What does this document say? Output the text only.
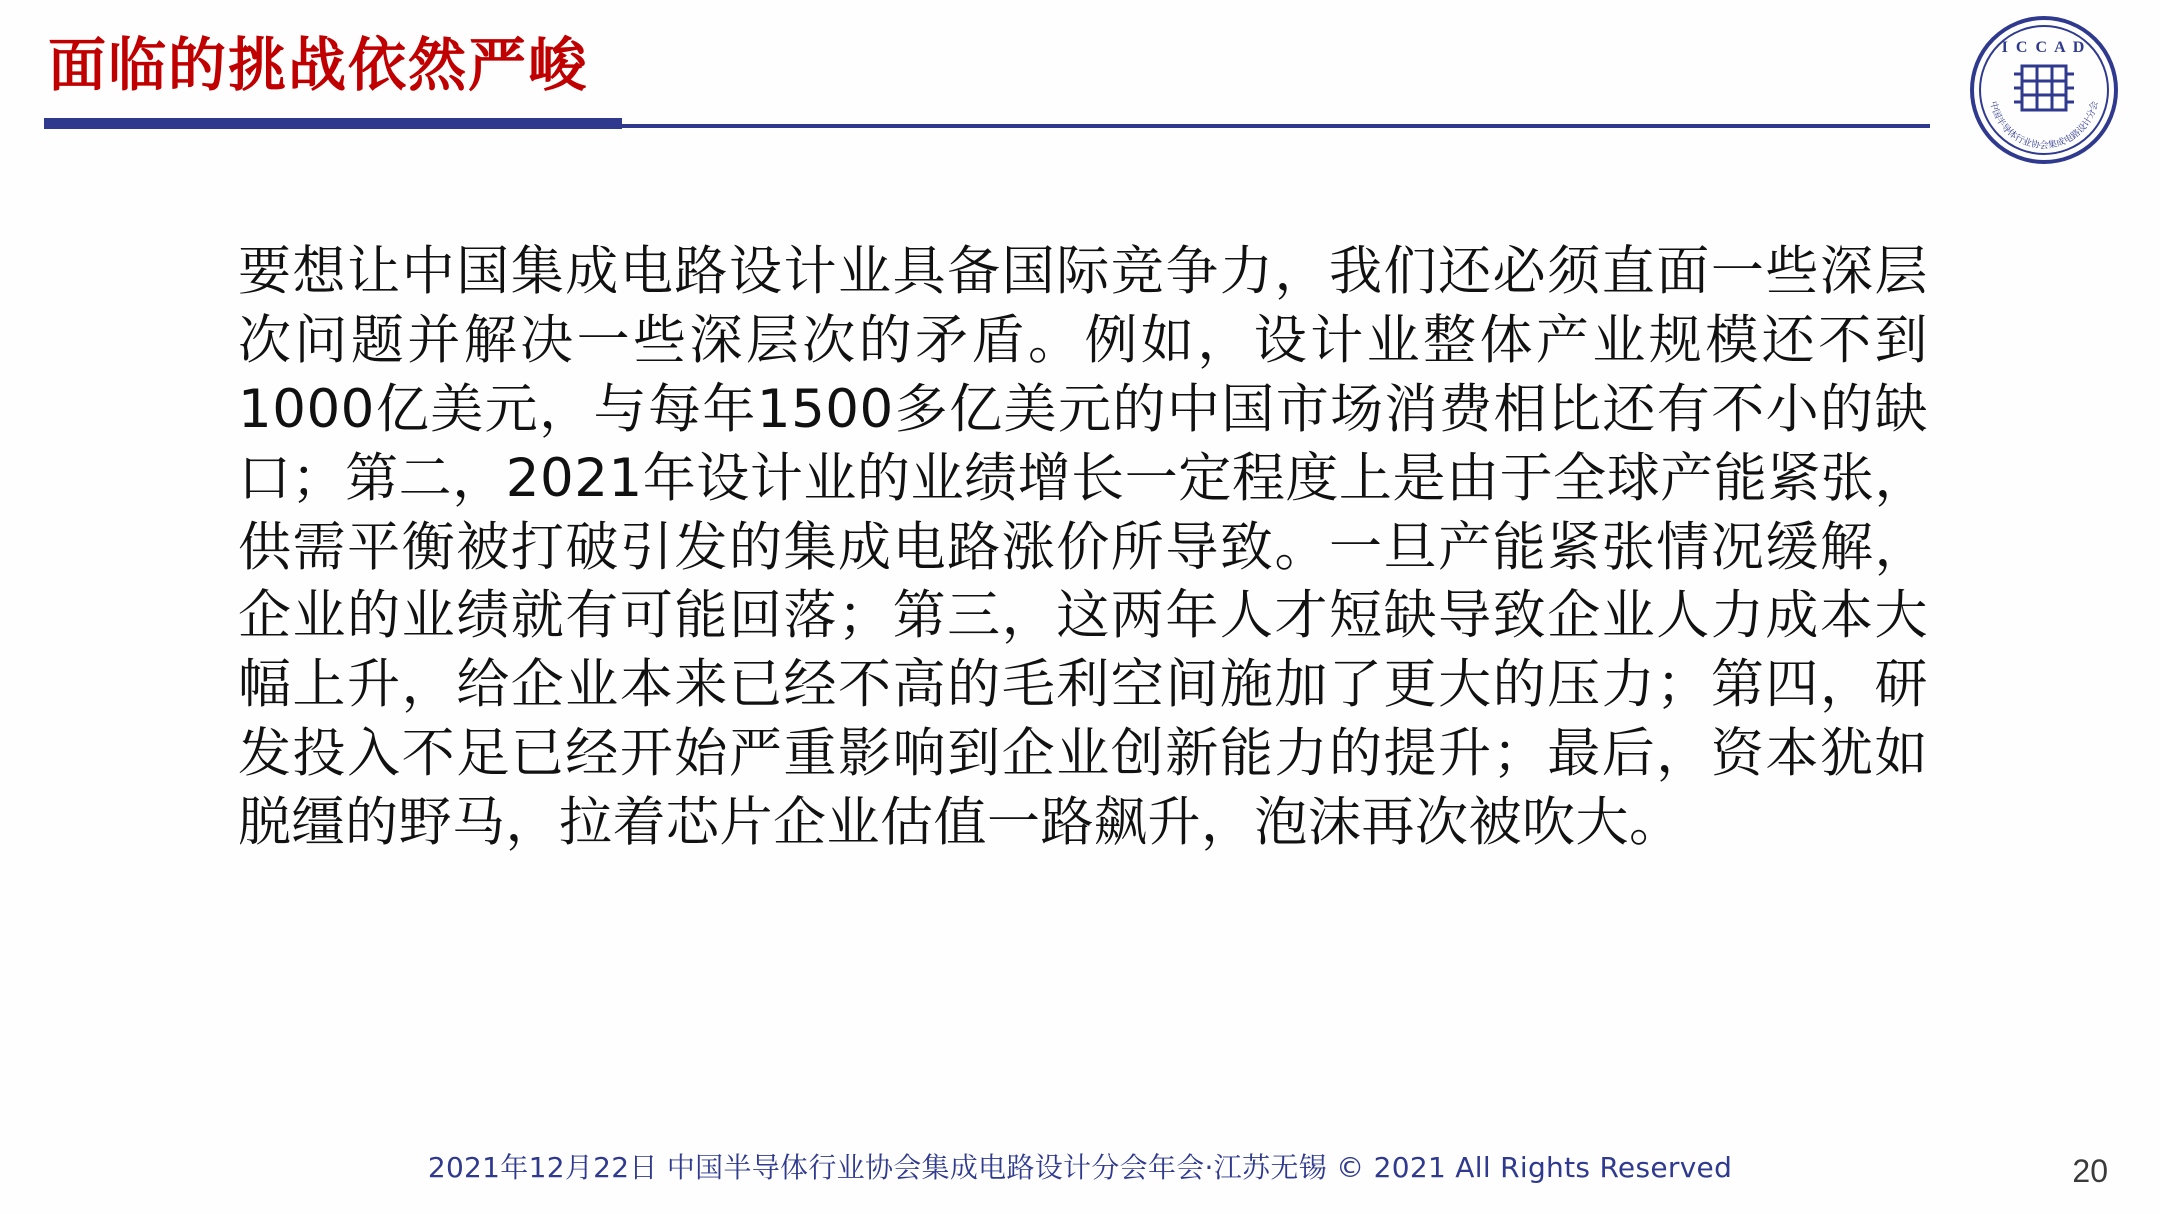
面临的挑战依然严峻	I C C A D
中国半导体行业协会集成电路设计分会
要想让中国集成电路设计业具备国际竞争力，我们还必须直面一些深层次问题并解决一些深层次的矛盾。例如，设计业整体产业规模还不到1000亿美元，与每年1500多亿美元的中国市场消费相比还有不小的缺口；第二，2021年设计业的业绩增长一定程度上是由于全球产能紧张，供需平衡被打破引发的集成电路涨价所导致。一旦产能紧张情况缓解，企业的业绩就有可能回落；第三，这两年人才短缺导致企业人力成本大幅上升，给企业本来已经不高的毛利空间施加了更大的压力；第四，研发投入不足已经开始严重影响到企业创新能力的提升；最后，资本犹如脱缰的野马，拉着芯片企业估值一路飙升，泡沫再次被吹大。
2021年12月22日 中国半导体行业协会集成电路设计分会年会·江苏无锡 © 2021 All Rights Reserved	20
